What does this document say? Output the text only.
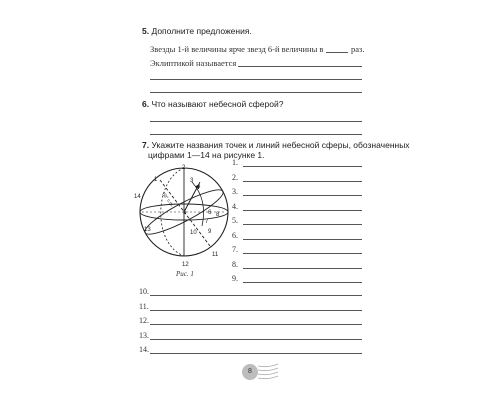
5. Дополните предложения.
Звезды 1-й величины ярче звезд 6-й величины в	раз.
Эклиптикой называется
6. Что называют небесной сферой?
7. Укажите названия точек и линий небесной сферы, обозначенных
цифрами 1—14 на рисунке 1.
50° с.ш.
1
2
3
4
5	6
7
8
9
10
11
12
13
14
Рис. 1
1.
2.
3.
4.
5.
6.
7.
8.
9.
10.
11.
12.
13.
14.
8
